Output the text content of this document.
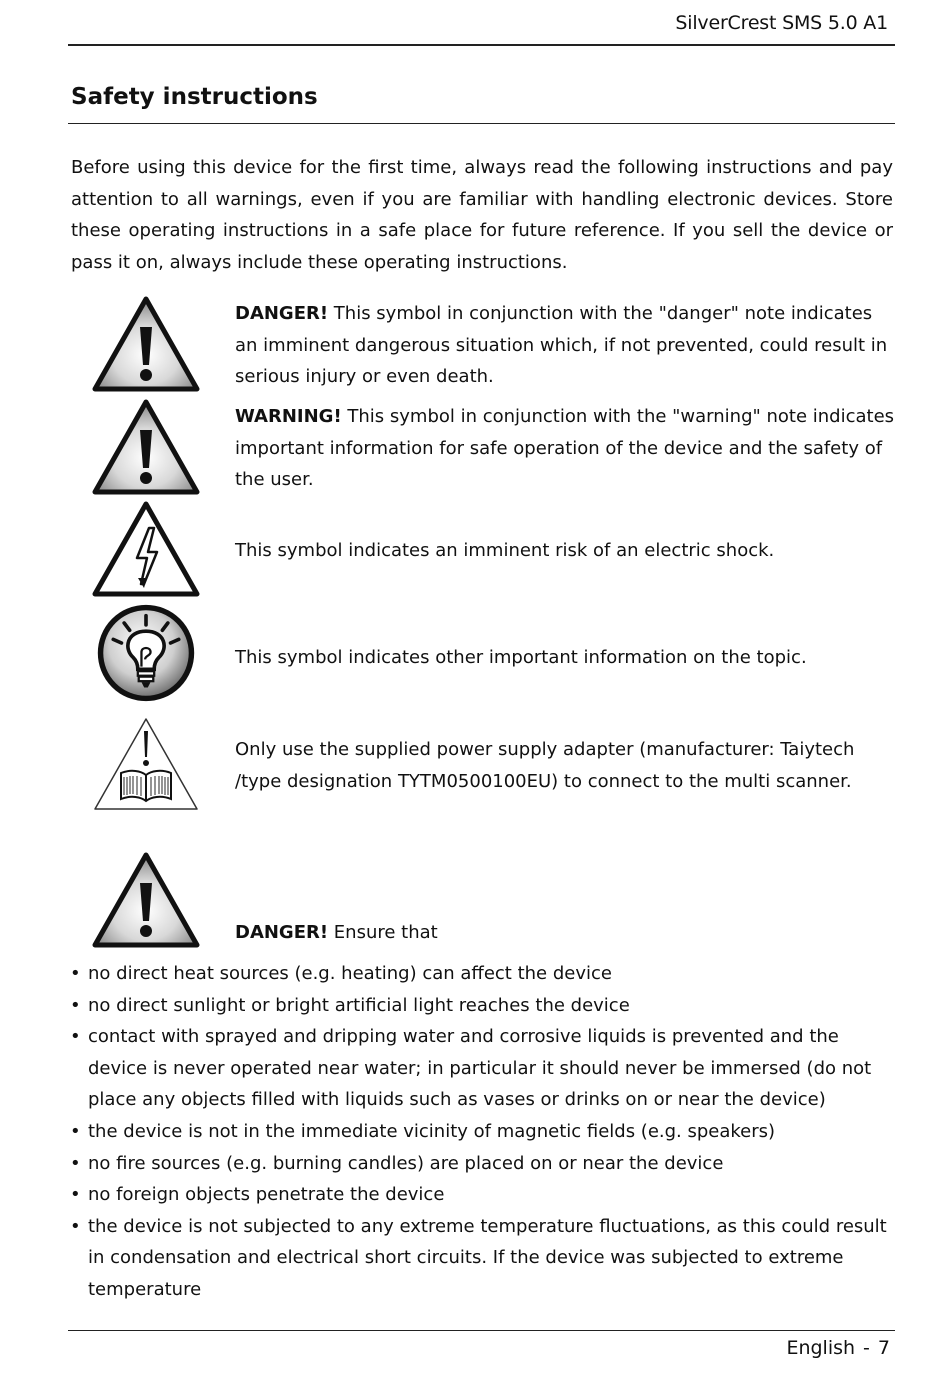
SilverCrest SMS 5.0 A1
Safety instructions

Before using this device for the first time, always read the following instructions and pay attention to all warnings, even if you are familiar with handling electronic devices. Store these operating instructions in a safe place for future reference. If you sell the device or pass it on, always include these operating instructions.

DANGER! This symbol in conjunction with the "danger" note indicates an imminent dangerous situation which, if not prevented, could result in serious injury or even death.

WARNING! This symbol in conjunction with the "warning" note indicates important information for safe operation of the device and the safety of the user.

This symbol indicates an imminent risk of an electric shock.

This symbol indicates other important information on the topic.

Only use the supplied power supply adapter (manufacturer: Taiytech /type designation TYTM0500100EU) to connect to the multi scanner.

DANGER! Ensure that

• no direct heat sources (e.g. heating) can affect the device
• no direct sunlight or bright artificial light reaches the device
• contact with sprayed and dripping water and corrosive liquids is prevented and the device is never operated near water; in particular it should never be immersed (do not place any objects filled with liquids such as vases or drinks on or near the device)
• the device is not in the immediate vicinity of magnetic fields (e.g. speakers)
• no fire sources (e.g. burning candles) are placed on or near the device
• no foreign objects penetrate the device
• the device is not subjected to any extreme temperature fluctuations, as this could result in condensation and electrical short circuits. If the device was subjected to extreme temperature
English - 7
